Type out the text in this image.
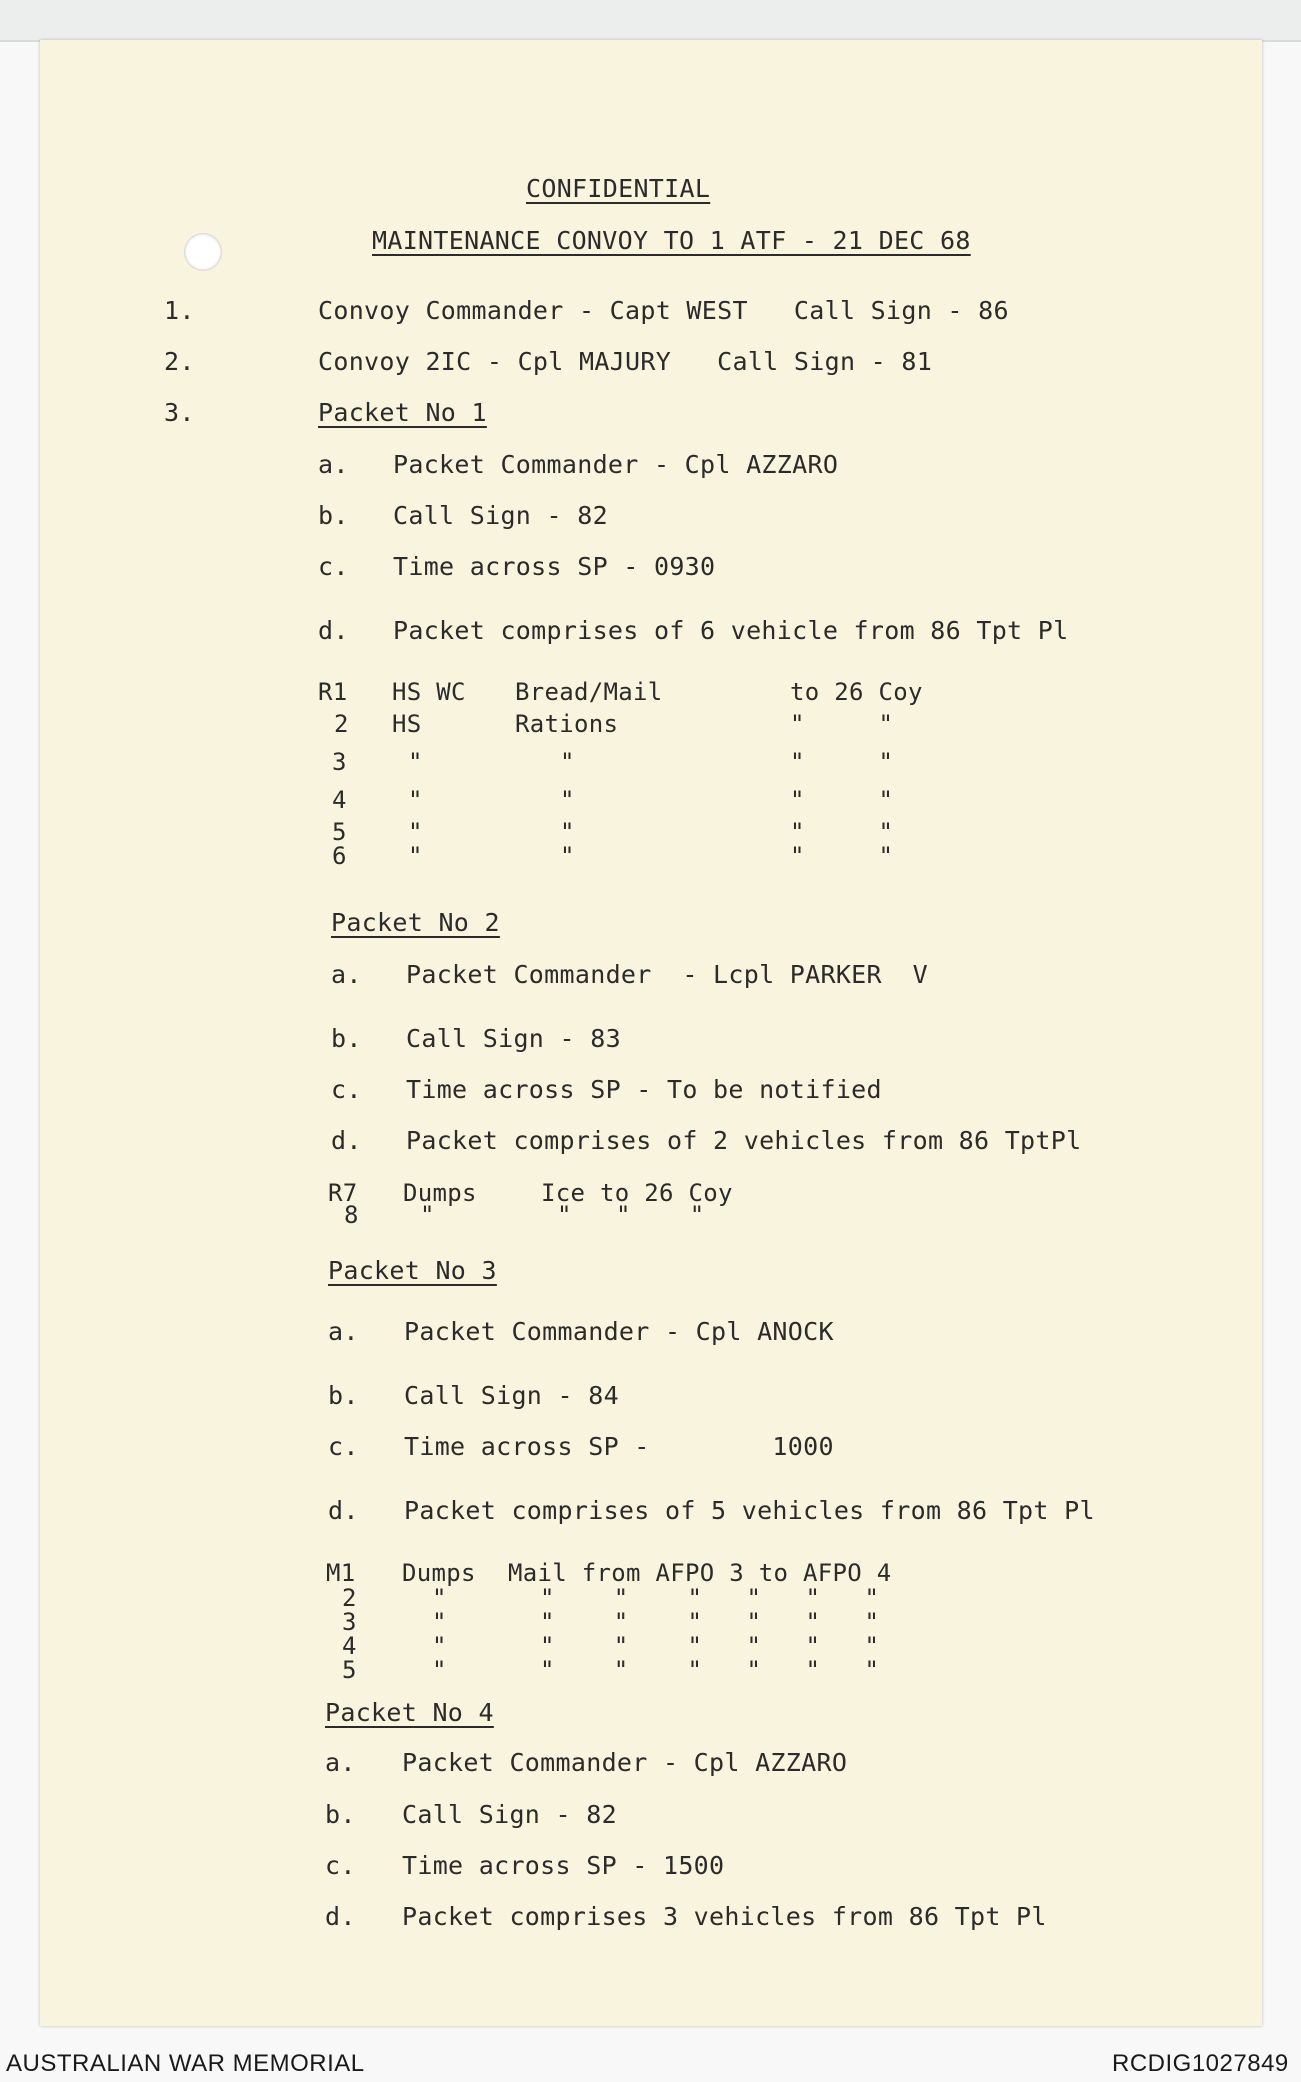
CONFIDENTIAL
MAINTENANCE CONVOY TO 1 ATF - 21 DEC 68
1.	Convoy Commander - Capt WEST   Call Sign - 86
2.	Convoy 2IC - Cpl MAJURY   Call Sign - 81
3.	Packet No 1
a. Packet Commander - Cpl AZZARO
b. Call Sign - 82
c. Time across SP - 0930
d. Packet comprises of 6 vehicle from 86 Tpt Pl
R1 HS WC Bread/Mail	to 26 Coy
2 HS	Rations	"     "
3	"	"	"     "
4	"	"	"     "
5	"	"	"     "
6	"	"	"     "
Packet No 2
a. Packet Commander  - Lcpl PARKER  V
b. Call Sign - 83
c. Time across SP - To be notified
d. Packet comprises of 2 vehicles from 86 TptPl
R7 Dumps	Ice to 26 Coy
8	"	"   "    "
Packet No 3
a. Packet Commander - Cpl ANOCK
b. Call Sign - 84
c. Time across SP -        1000
d. Packet comprises of 5 vehicles from 86 Tpt Pl
M1 Dumps Mail from AFPO 3 to AFPO 4
2	"	"    "    "   "   "   "
3	"	"    "    "   "   "   "
4	"	"    "    "   "   "   "
5	"	"    "    "   "   "   "
Packet No 4
a. Packet Commander - Cpl AZZARO
b. Call Sign - 82
c. Time across SP - 1500
d. Packet comprises 3 vehicles from 86 Tpt Pl
AUSTRALIAN WAR MEMORIAL	RCDIG1027849
